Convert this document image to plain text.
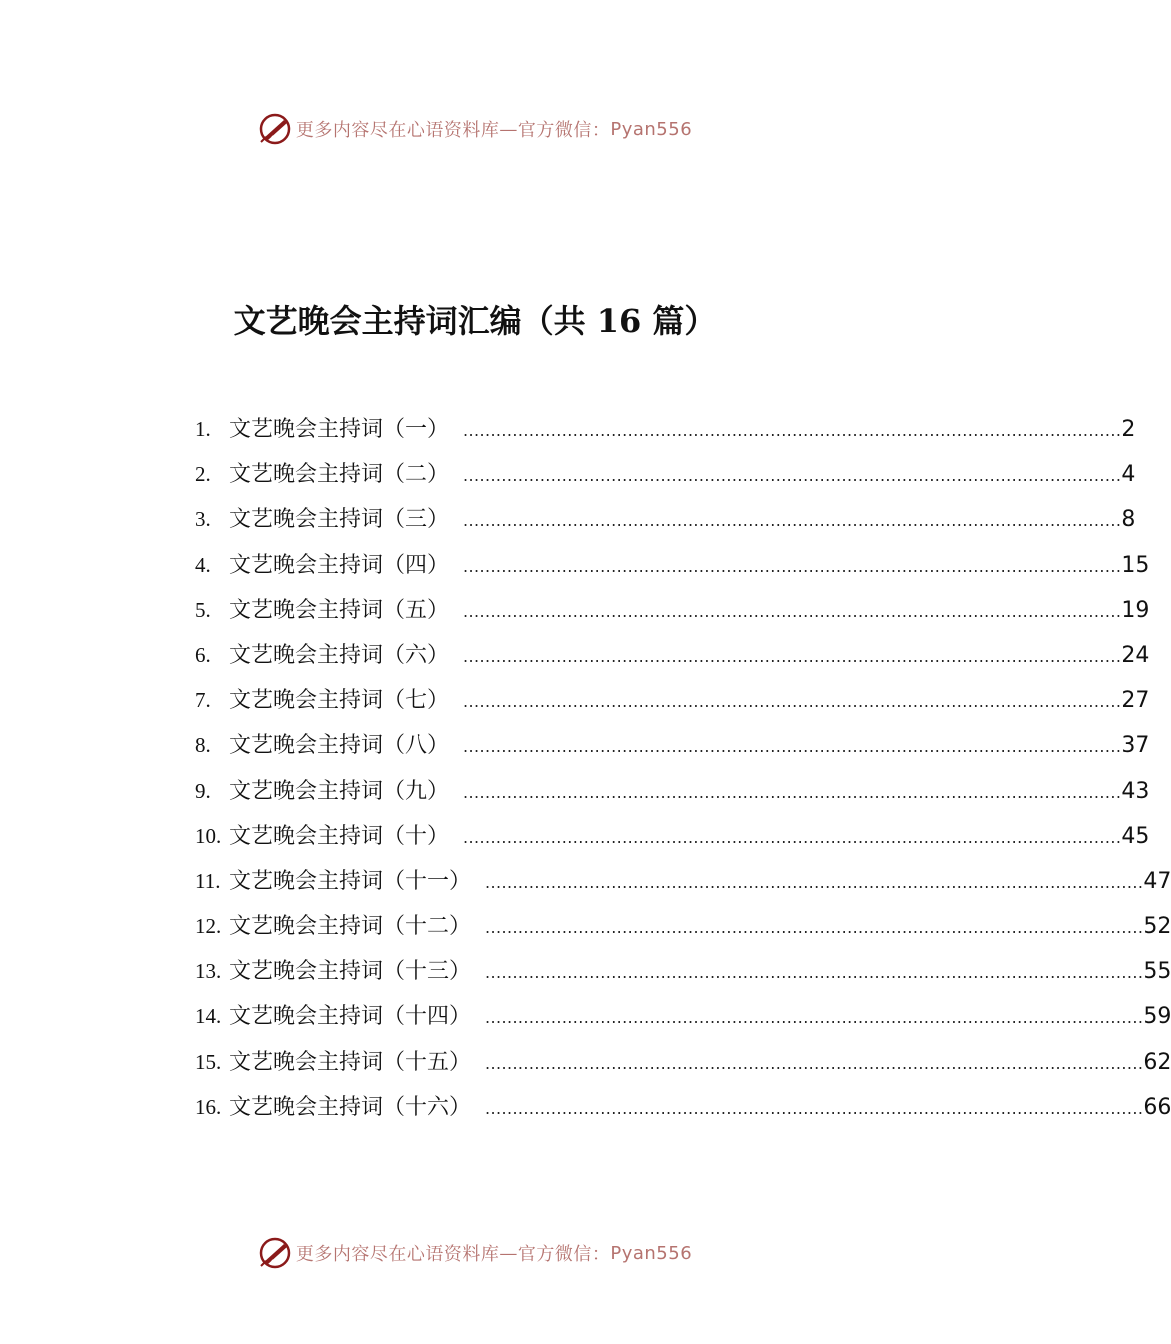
更多内容尽在心语资料库 — 官方微信： Pyan556
文艺晚会主持词汇编（共 16 篇）
1. 文艺晚会主持词（一） ........................................................................................................................ 2
2. 文艺晚会主持词（二） ........................................................................................................................ 4
3. 文艺晚会主持词（三） ........................................................................................................................ 8
4. 文艺晚会主持词（四） ........................................................................................................................ 15
5. 文艺晚会主持词（五） ........................................................................................................................ 19
6. 文艺晚会主持词（六） ........................................................................................................................ 24
7. 文艺晚会主持词（七） ........................................................................................................................ 27
8. 文艺晚会主持词（八） ........................................................................................................................ 37
9. 文艺晚会主持词（九） ........................................................................................................................ 43
10. 文艺晚会主持词（十） ........................................................................................................................ 45
11. 文艺晚会主持词（十一） ........................................................................................................................ 47
12. 文艺晚会主持词（十二） ........................................................................................................................ 52
13. 文艺晚会主持词（十三） ........................................................................................................................ 55
14. 文艺晚会主持词（十四） ........................................................................................................................ 59
15. 文艺晚会主持词（十五） ........................................................................................................................ 62
16. 文艺晚会主持词（十六） ........................................................................................................................ 66
更多内容尽在心语资料库 — 官方微信： Pyan556
